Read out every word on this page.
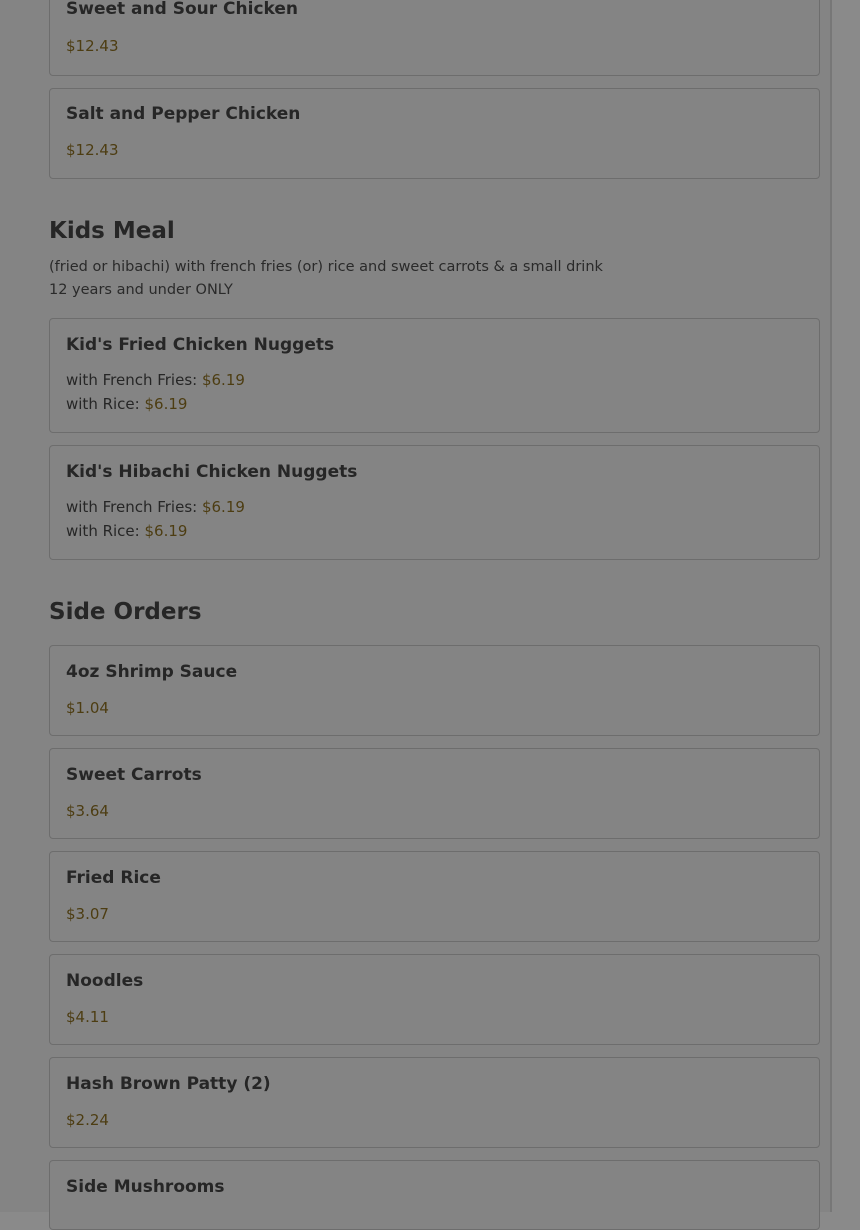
Sweet and Sour Chicken
$12.43
Salt and Pepper Chicken
$12.43
Kids Meal
(fried or hibachi) with french fries (or) rice and sweet carrots & a small drink
12 years and under ONLY
Kid's Fried Chicken Nuggets
with French Fries: $6.19
with Rice: $6.19
Kid's Hibachi Chicken Nuggets
with French Fries: $6.19
with Rice: $6.19
Side Orders
4oz Shrimp Sauce
$1.04
Sweet Carrots
$3.64
Fried Rice
$3.07
Noodles
$4.11
Hash Brown Patty (2)
$2.24
Side Mushrooms
